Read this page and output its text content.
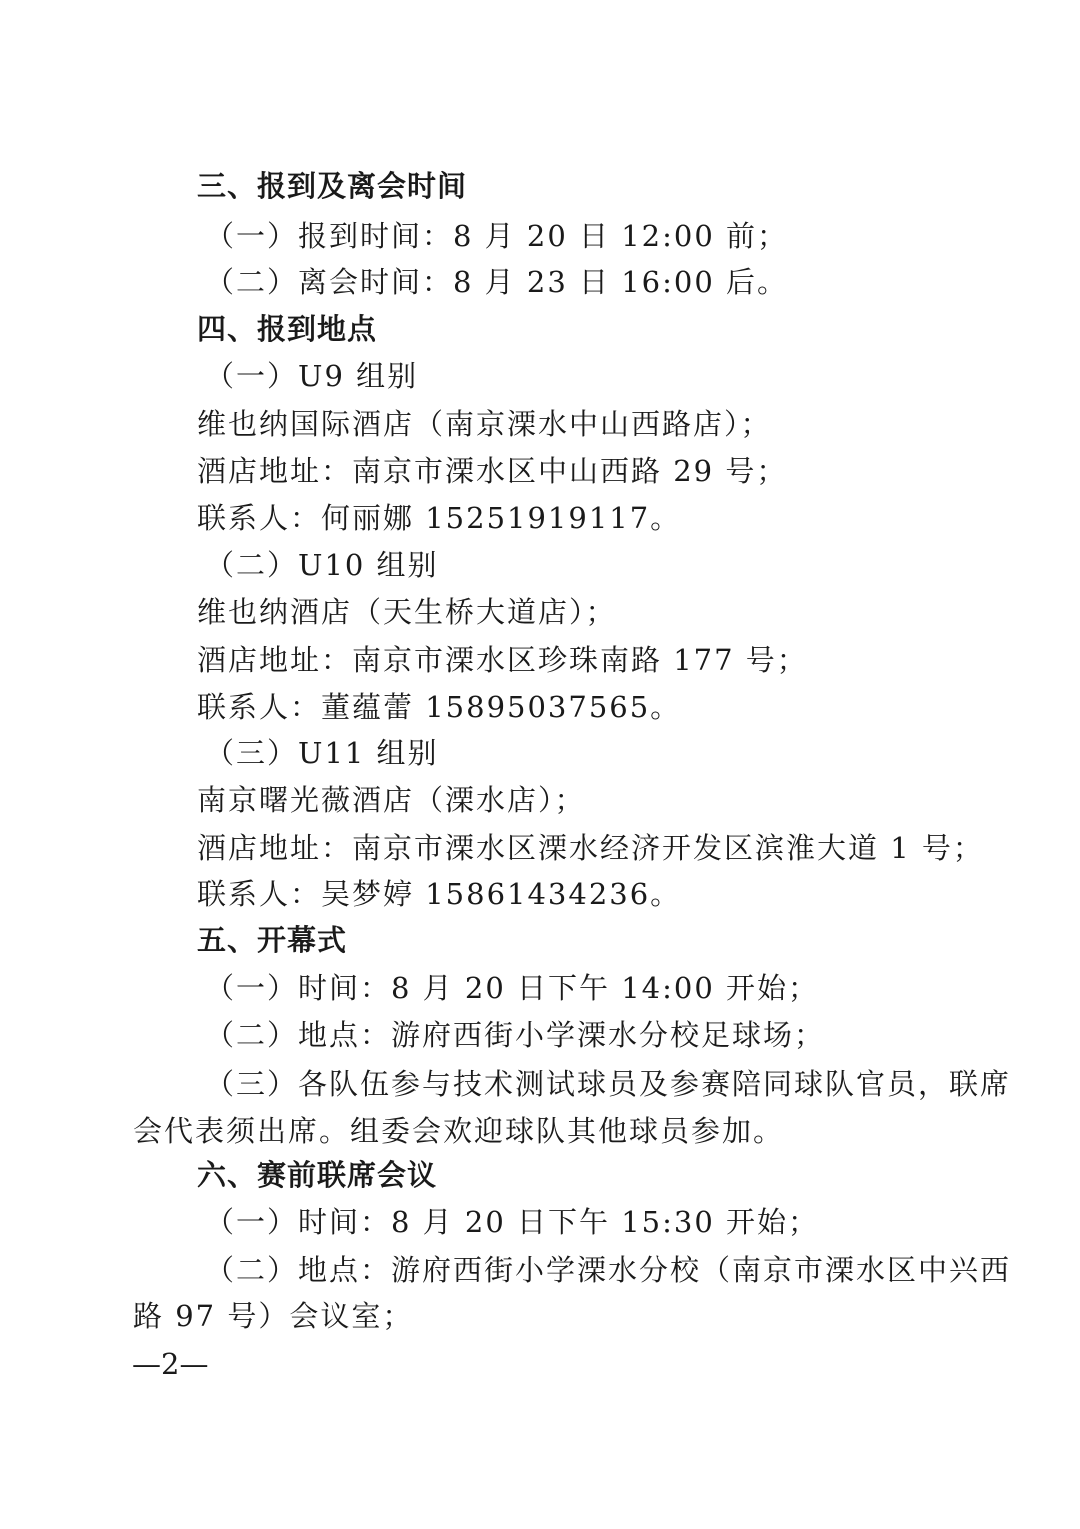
三、报到及离会时间
（一）报到时间：8 月 20 日 12:00 前；
（二）离会时间：8 月 23 日 16:00 后。
四、报到地点
（一）U9 组别
维也纳国际酒店（南京溧水中山西路店）；
酒店地址：南京市溧水区中山西路 29 号；
联系人：何丽娜 15251919117。
（二）U10 组别
维也纳酒店（天生桥大道店）；
酒店地址：南京市溧水区珍珠南路 177 号；
联系人：董蕴蕾 15895037565。
（三）U11 组别
南京曙光薇酒店（溧水店）；
酒店地址：南京市溧水区溧水经济开发区滨淮大道 1 号；
联系人：吴梦婷 15861434236。
五、开幕式
（一）时间：8 月 20 日下午 14:00 开始；
（二）地点：游府西街小学溧水分校足球场；
（三）各队伍参与技术测试球员及参赛陪同球队官员，联席
会代表须出席。组委会欢迎球队其他球员参加。
六、赛前联席会议
（一）时间：8 月 20 日下午 15:30 开始；
（二）地点：游府西街小学溧水分校（南京市溧水区中兴西
路 97 号）会议室；
—2—
